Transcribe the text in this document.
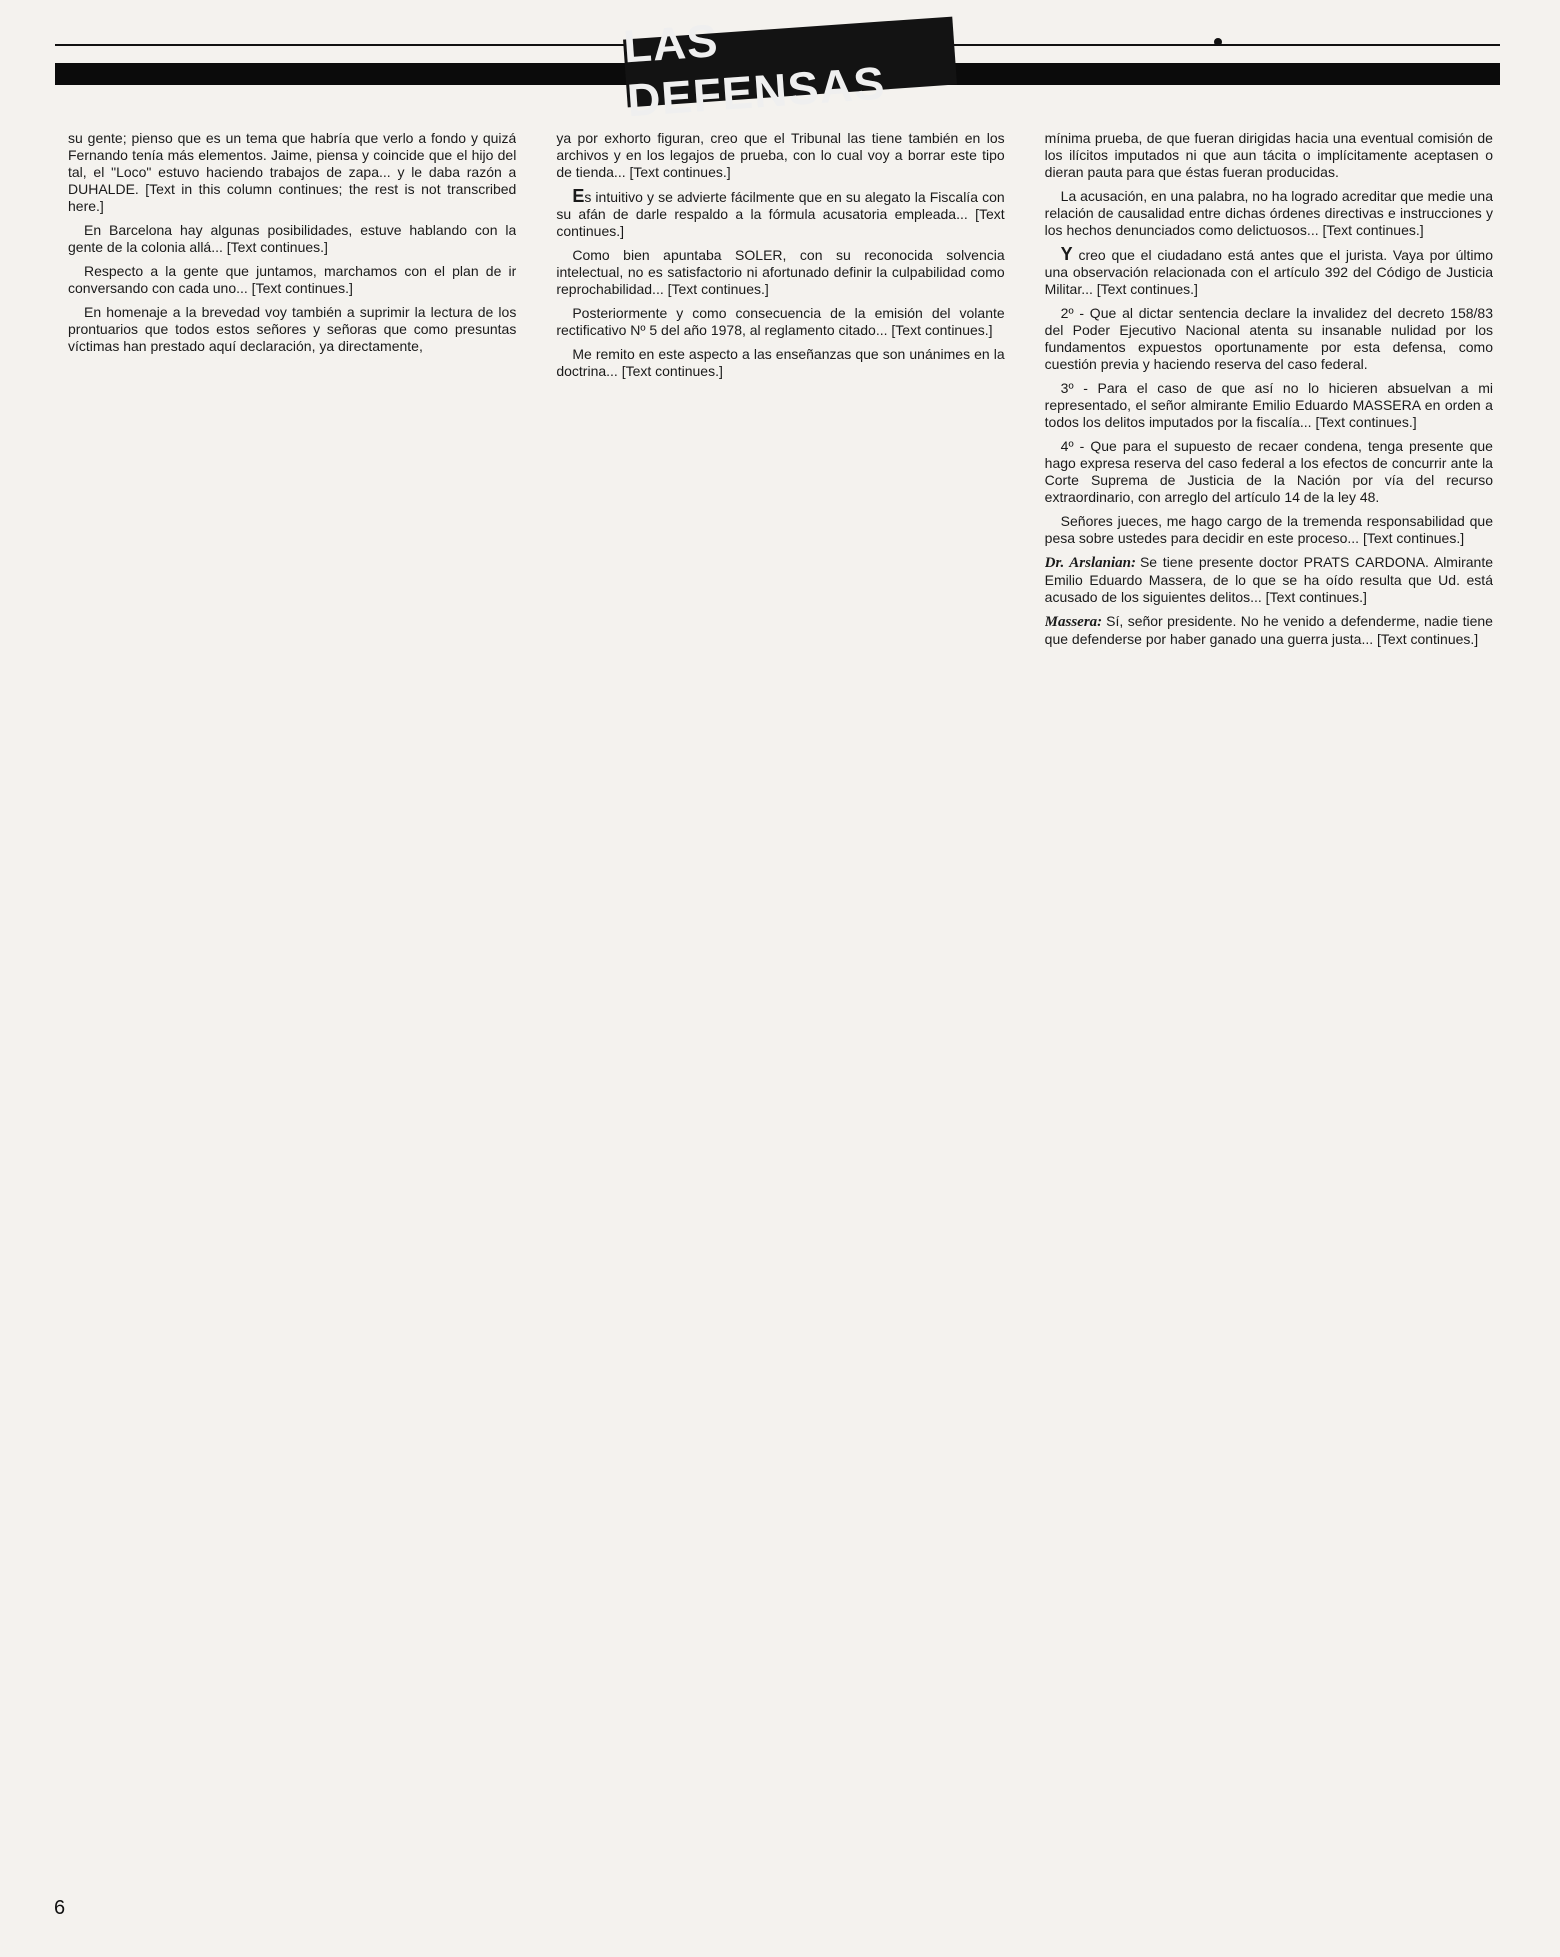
LAS DEFENSAS

su gente; pienso que es un tema que habría que verlo a fondo y quizá Fernando tenía más elementos. Jaime, piensa y coincide que el hijo del tal, el "Loco" estuvo haciendo trabajos de zapa... y le daba razón a DUHALDE. [Text in this column continues; the rest is not transcribed here.]

En Barcelona hay algunas posibilidades, estuve hablando con la gente de la colonia allá... [Text continues.]

Respecto a la gente que juntamos, marchamos con el plan de ir conversando con cada uno... [Text continues.]

En homenaje a la brevedad voy también a suprimir la lectura de los prontuarios que todos estos señores y señoras que como presuntas víctimas han prestado aquí declaración, ya directamente,

ya por exhorto figuran, creo que el Tribunal las tiene también en los archivos y en los legajos de prueba, con lo cual voy a borrar este tipo de tienda... [Text continues.]

Es intuitivo y se advierte fácilmente que en su alegato la Fiscalía con su afán de darle respaldo a la fórmula acusatoria empleada... [Text continues.]

Como bien apuntaba SOLER, con su reconocida solvencia intelectual, no es satisfactorio ni afortunado definir la culpabilidad como reprochabilidad... [Text continues.]

Posteriormente y como consecuencia de la emisión del volante rectificativo Nº 5 del año 1978, al reglamento citado... [Text continues.]

Me remito en este aspecto a las enseñanzas que son unánimes en la doctrina... [Text continues.]

mínima prueba, de que fueran dirigidas hacia una eventual comisión de los ilícitos imputados ni que aun tácita o implícitamente aceptasen o dieran pauta para que éstas fueran producidas.

La acusación, en una palabra, no ha logrado acreditar que medie una relación de causalidad entre dichas órdenes directivas e instrucciones y los hechos denunciados como delictuosos... [Text continues.]

Y creo que el ciudadano está antes que el jurista. Vaya por último una observación relacionada con el artículo 392 del Código de Justicia Militar... [Text continues.]

2º - Que al dictar sentencia declare la invalidez del decreto 158/83 del Poder Ejecutivo Nacional atenta su insanable nulidad por los fundamentos expuestos oportunamente por esta defensa, como cuestión previa y haciendo reserva del caso federal.

3º - Para el caso de que así no lo hicieren absuelvan a mi representado, el señor almirante Emilio Eduardo MASSERA en orden a todos los delitos imputados por la fiscalía... [Text continues.]

4º - Que para el supuesto de recaer condena, tenga presente que hago expresa reserva del caso federal a los efectos de concurrir ante la Corte Suprema de Justicia de la Nación por vía del recurso extraordinario, con arreglo del artículo 14 de la ley 48.

Señores jueces, me hago cargo de la tremenda responsabilidad que pesa sobre ustedes para decidir en este proceso... [Text continues.]

Dr. Arslanian: Se tiene presente doctor PRATS CARDONA. Almirante Emilio Eduardo Massera, de lo que se ha oído resulta que Ud. está acusado de los siguientes delitos... [Text continues.]

Massera: Sí, señor presidente. No he venido a defenderme, nadie tiene que defenderse por haber ganado una guerra justa... [Text continues.]

6
